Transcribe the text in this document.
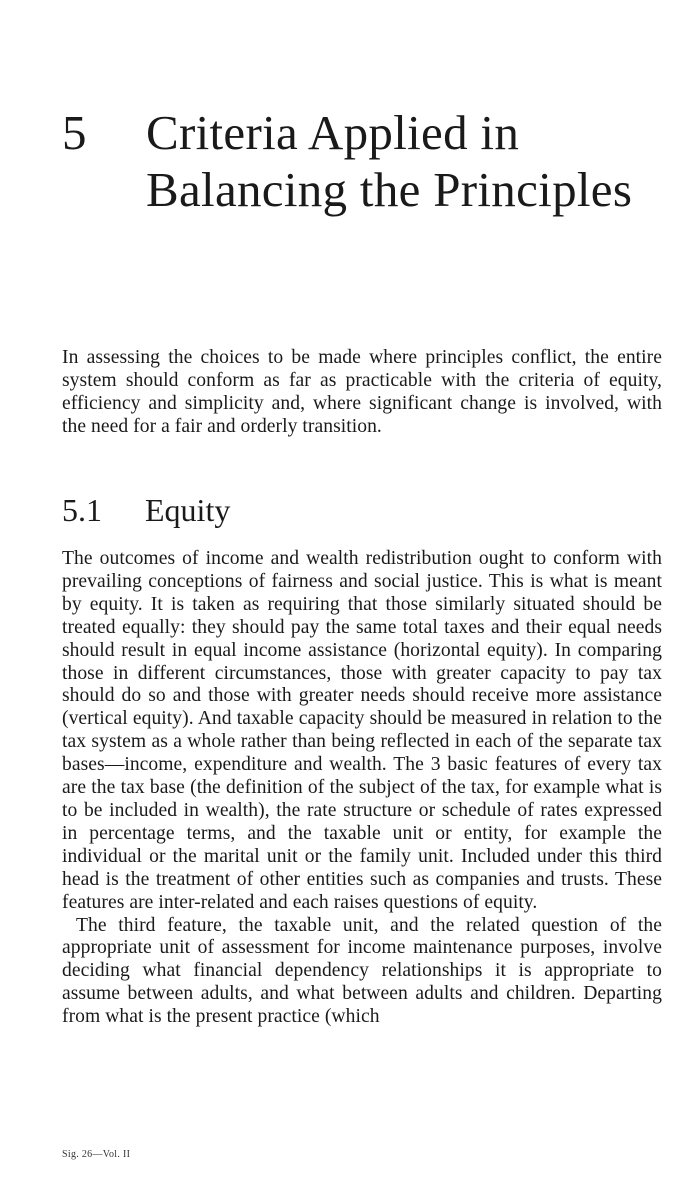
5 Criteria Applied in Balancing the Principles

In assessing the choices to be made where principles conflict, the entire system should conform as far as practicable with the criteria of equity, efficiency and simplicity and, where significant change is involved, with the need for a fair and orderly transition.

5.1 Equity

The outcomes of income and wealth redistribution ought to conform with prevailing conceptions of fairness and social justice. This is what is meant by equity. It is taken as requiring that those similarly situated should be treated equally: they should pay the same total taxes and their equal needs should result in equal income assistance (horizontal equity). In comparing those in different circumstances, those with greater capacity to pay tax should do so and those with greater needs should receive more assistance (vertical equity). And taxable capacity should be measured in relation to the tax system as a whole rather than being reflected in each of the separate tax bases—income, expenditure and wealth. The 3 basic features of every tax are the tax base (the definition of the subject of the tax, for example what is to be included in wealth), the rate structure or schedule of rates expressed in percentage terms, and the taxable unit or entity, for example the individual or the marital unit or the family unit. Included under this third head is the treatment of other entities such as companies and trusts. These features are inter-related and each raises questions of equity.

The third feature, the taxable unit, and the related question of the appropriate unit of assessment for income maintenance purposes, involve deciding what financial dependency relationships it is appropriate to assume between adults, and what between adults and children. Departing from what is the present practice (which

Sig. 26—Vol. II
